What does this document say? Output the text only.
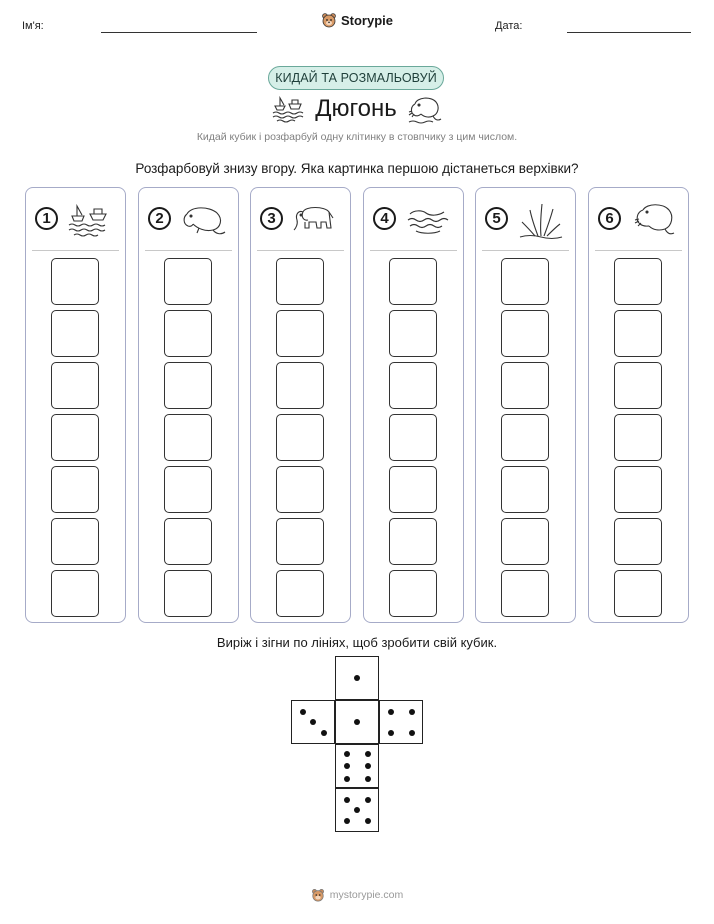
Ім'я:	Storypie	Дата:
КИДАЙ ТА РОЗМАЛЬОВУЙ
Дюгонь
Кидай кубик і розфарбуй одну клітинку в стовпчику з цим числом.
Розфарбовуй знизу вгору. Яка картинка першою дістанеться верхівки?
1	2	3	4	5	6
Виріж і зігни по лініях, щоб зробити свій кубик.
mystorypie.com
